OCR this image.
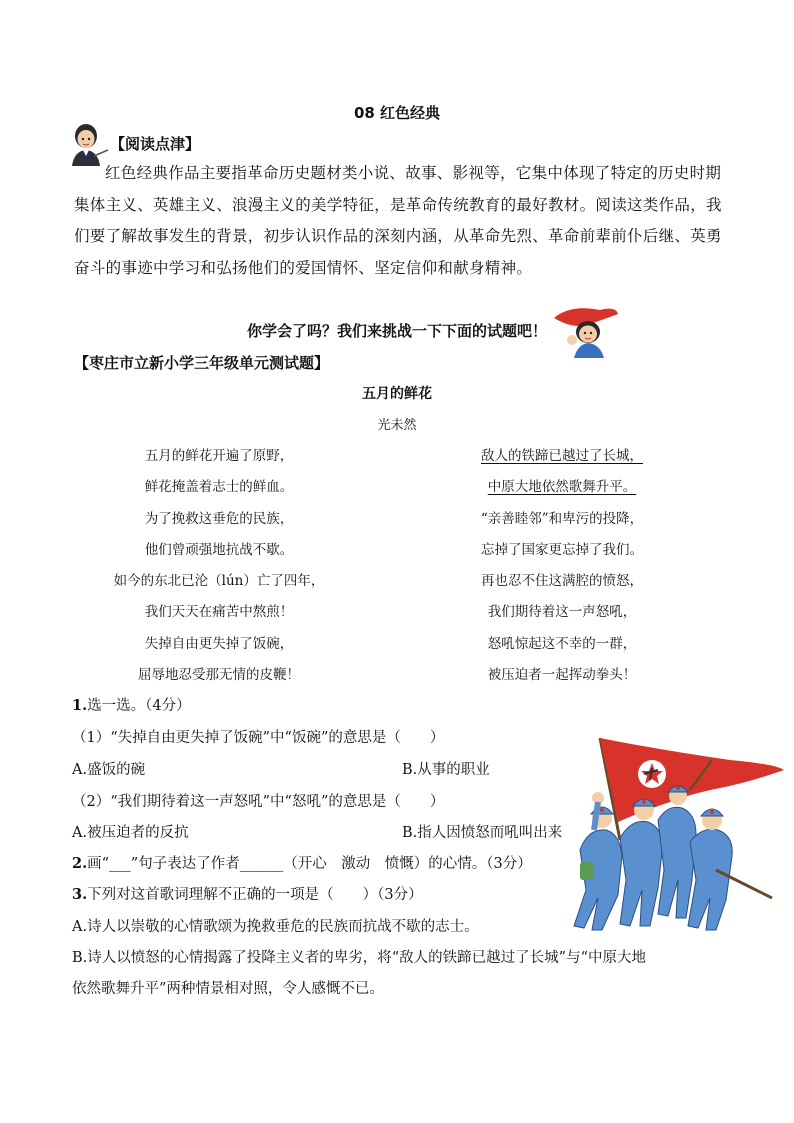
08 红色经典
【阅读点津】

红色经典作品主要指革命历史题材类小说、故事、影视等，它集中体现了特定的历史时期

集体主义、英雄主义、浪漫主义的美学特征，是革命传统教育的最好教材。阅读这类作品，我

们要了解故事发生的背景，初步认识作品的深刻内涵，从革命先烈、革命前辈前仆后继、英勇

奋斗的事迹中学习和弘扬他们的爱国情怀、坚定信仰和献身精神。

你学会了吗？我们来挑战一下下面的试题吧！
【枣庄市立新小学三年级单元测试题】
五月的鲜花
光未然
五月的鲜花开遍了原野，
鲜花掩盖着志士的鲜血。
为了挽救这垂危的民族，
他们曾顽强地抗战不歇。
如今的东北已沦（lún）亡了四年，
我们天天在痛苦中熬煎！
失掉自由更失掉了饭碗，
屈辱地忍受那无情的皮鞭！
敌人的铁蹄已越过了长城，
中原大地依然歌舞升平。
“亲善睦邻”和卑污的投降，
忘掉了国家更忘掉了我们。
再也忍不住这满腔的愤怒，
我们期待着这一声怒吼，
怒吼惊起这不幸的一群，
被压迫者一起挥动拳头！
1.选一选。（4分）
（1）“失掉自由更失掉了饭碗”中“饭碗”的意思是（　　）
A.盛饭的碗	B.从事的职业
（2）“我们期待着这一声怒吼”中“怒吼”的意思是（　　）
A.被压迫者的反抗	B.指人因愤怒而吼叫出来
2.画“___”句子表达了作者______（开心　激动　愤慨）的心情。（3分）
3.下列对这首歌词理解不正确的一项是（　　）（3分）
A.诗人以崇敬的心情歌颂为挽救垂危的民族而抗战不歇的志士。
B.诗人以愤怒的心情揭露了投降主义者的卑劣，将“敌人的铁蹄已越过了长城”与“中原大地
依然歌舞升平”两种情景相对照，令人感慨不已。
